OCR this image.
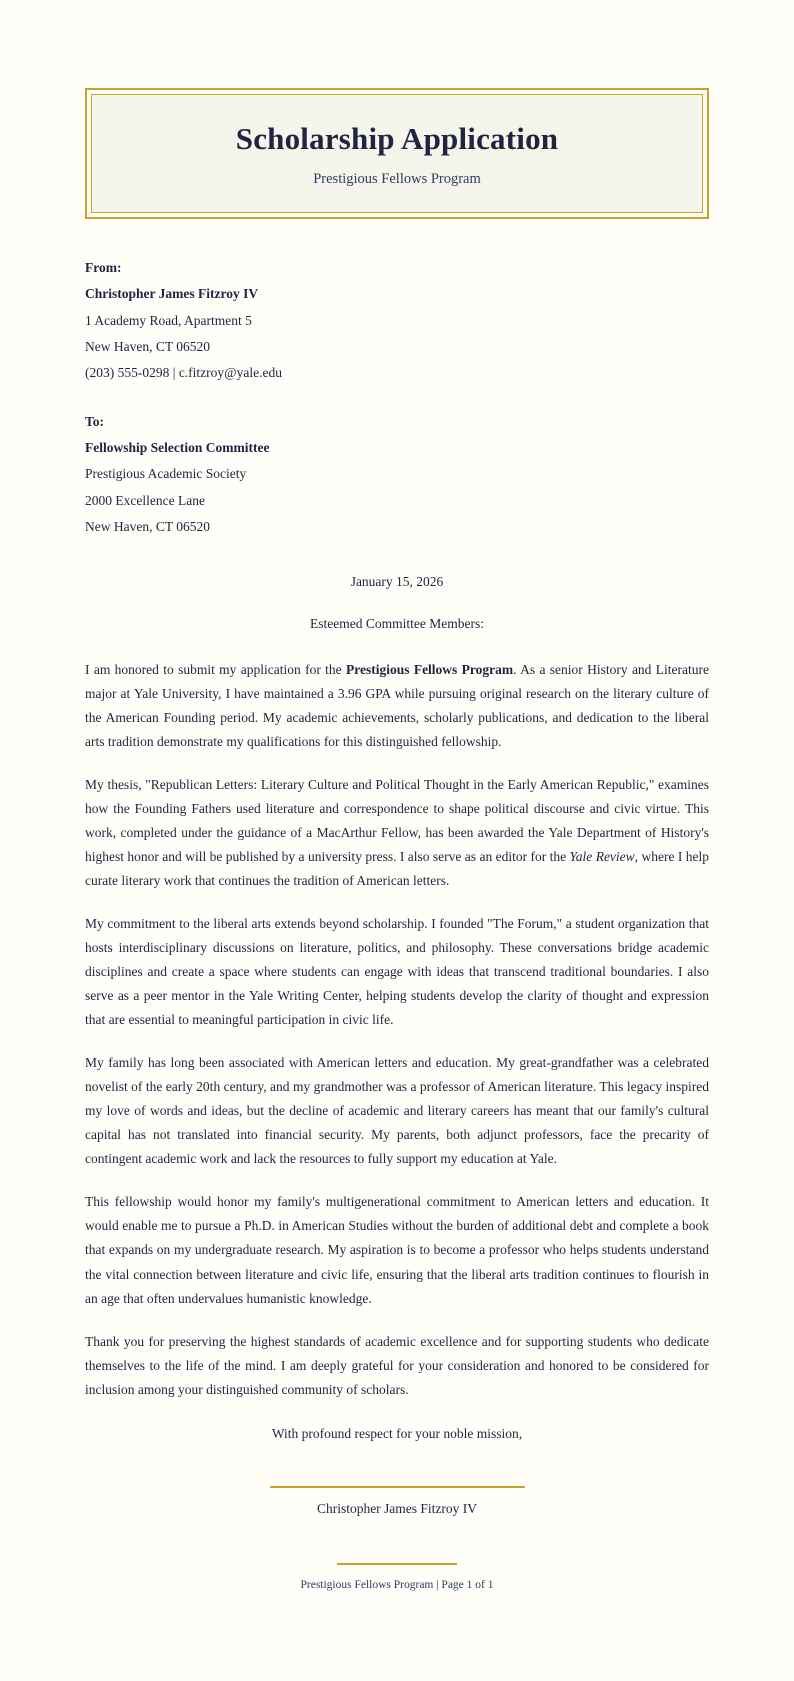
Scholarship Application
Prestigious Fellows Program
From:
Christopher James Fitzroy IV
1 Academy Road, Apartment 5
New Haven, CT 06520
(203) 555-0298 | c.fitzroy@yale.edu
To:
Fellowship Selection Committee
Prestigious Academic Society
2000 Excellence Lane
New Haven, CT 06520
January 15, 2026
Esteemed Committee Members:

I am honored to submit my application for the Prestigious Fellows Program. As a senior History and Literature major at Yale University, I have maintained a 3.96 GPA while pursuing original research on the literary culture of the American Founding period. My academic achievements, scholarly publications, and dedication to the liberal arts tradition demonstrate my qualifications for this distinguished fellowship.

My thesis, "Republican Letters: Literary Culture and Political Thought in the Early American Republic," examines how the Founding Fathers used literature and correspondence to shape political discourse and civic virtue. This work, completed under the guidance of a MacArthur Fellow, has been awarded the Yale Department of History's highest honor and will be published by a university press. I also serve as an editor for the Yale Review, where I help curate literary work that continues the tradition of American letters.

My commitment to the liberal arts extends beyond scholarship. I founded "The Forum," a student organization that hosts interdisciplinary discussions on literature, politics, and philosophy. These conversations bridge academic disciplines and create a space where students can engage with ideas that transcend traditional boundaries. I also serve as a peer mentor in the Yale Writing Center, helping students develop the clarity of thought and expression that are essential to meaningful participation in civic life.

My family has long been associated with American letters and education. My great-grandfather was a celebrated novelist of the early 20th century, and my grandmother was a professor of American literature. This legacy inspired my love of words and ideas, but the decline of academic and literary careers has meant that our family's cultural capital has not translated into financial security. My parents, both adjunct professors, face the precarity of contingent academic work and lack the resources to fully support my education at Yale.

This fellowship would honor my family's multigenerational commitment to American letters and education. It would enable me to pursue a Ph.D. in American Studies without the burden of additional debt and complete a book that expands on my undergraduate research. My aspiration is to become a professor who helps students understand the vital connection between literature and civic life, ensuring that the liberal arts tradition continues to flourish in an age that often undervalues humanistic knowledge.

Thank you for preserving the highest standards of academic excellence and for supporting students who dedicate themselves to the life of the mind. I am deeply grateful for your consideration and honored to be considered for inclusion among your distinguished community of scholars.

With profound respect for your noble mission,
Christopher James Fitzroy IV
Prestigious Fellows Program | Page 1 of 1
